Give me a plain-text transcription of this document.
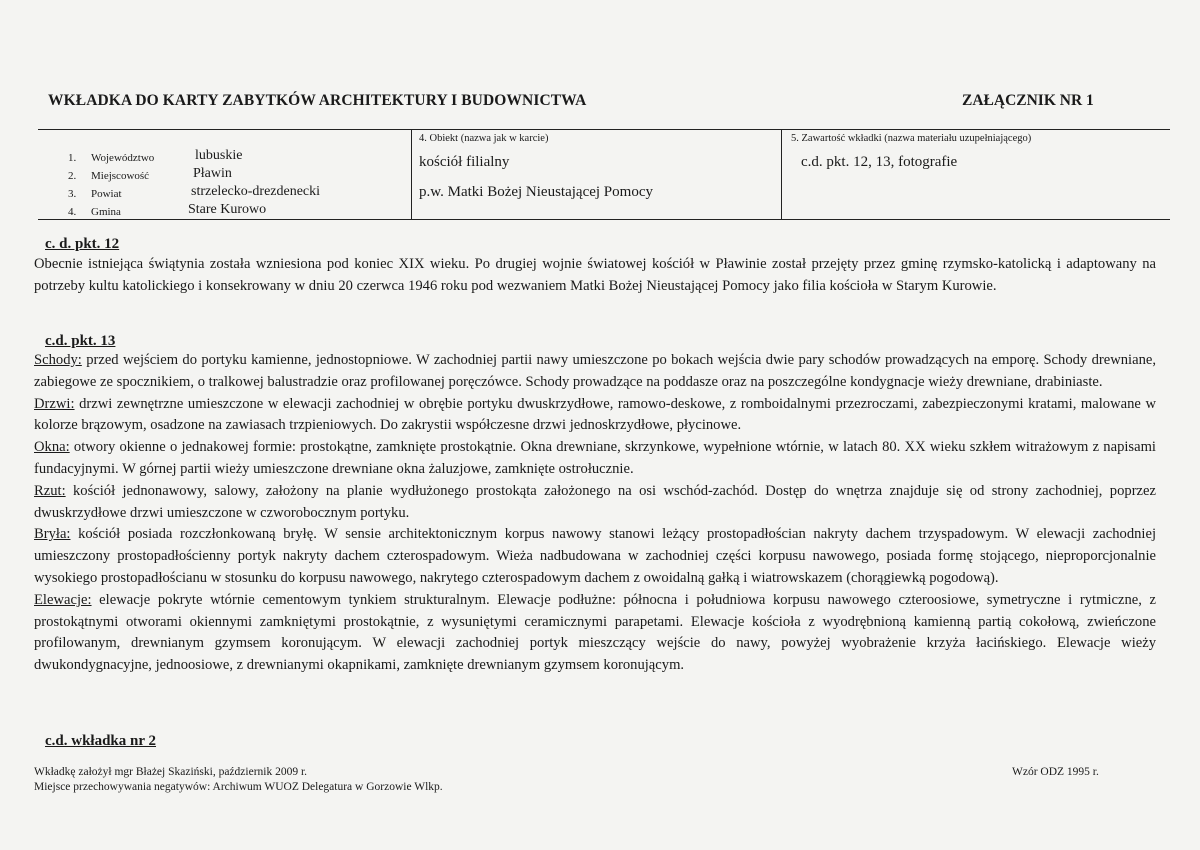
WKŁADKA DO KARTY ZABYTKÓW ARCHITEKTURY I BUDOWNICTWA	ZAŁĄCZNIK NR 1
1. Województwo	lubuskie
2. Miejscowość	Pławin
3. Powiat	strzelecko-drezdenecki
4. Gmina	Stare Kurowo
4. Obiekt (nazwa jak w karcie)
kościół filialny
p.w. Matki Bożej Nieustającej Pomocy
5. Zawartość wkładki (nazwa materiału uzupełniającego)
c.d. pkt. 12, 13, fotografie
c. d. pkt. 12
Obecnie istniejąca świątynia została wzniesiona pod koniec XIX wieku. Po drugiej wojnie światowej kościół w Pławinie został przejęty przez gminę rzymsko-katolicką i adaptowany na potrzeby kultu katolickiego i konsekrowany w dniu 20 czerwca 1946 roku pod wezwaniem Matki Bożej Nieustającej Pomocy jako filia kościoła w Starym Kurowie.
c.d. pkt. 13
Schody: przed wejściem do portyku kamienne, jednostopniowe. W zachodniej partii nawy umieszczone po bokach wejścia dwie pary schodów prowadzących na emporę. Schody drewniane, zabiegowe ze spocznikiem, o tralkowej balustradzie oraz profilowanej poręczówce. Schody prowadzące na poddasze oraz na poszczególne kondygnacje wieży drewniane, drabiniaste.
Drzwi: drzwi zewnętrzne umieszczone w elewacji zachodniej w obrębie portyku dwuskrzydłowe, ramowo-deskowe, z romboidalnymi przezroczami, zabezpieczonymi kratami, malowane w kolorze brązowym, osadzone na zawiasach trzpieniowych. Do zakrystii współczesne drzwi jednoskrzydłowe, płycinowe.
Okna: otwory okienne o jednakowej formie: prostokątne, zamknięte prostokątnie. Okna drewniane, skrzynkowe, wypełnione wtórnie, w latach 80. XX wieku szkłem witrażowym z napisami fundacyjnymi. W górnej partii wieży umieszczone drewniane okna żaluzjowe, zamknięte ostrołucznie.
Rzut: kościół jednonawowy, salowy, założony na planie wydłużonego prostokąta założonego na osi wschód-zachód. Dostęp do wnętrza znajduje się od strony zachodniej, poprzez dwuskrzydłowe drzwi umieszczone w czworobocznym portyku.
Bryła: kościół posiada rozczłonkowaną bryłę. W sensie architektonicznym korpus nawowy stanowi leżący prostopadłościan nakryty dachem trzyspadowym. W elewacji zachodniej umieszczony prostopadłościenny portyk nakryty dachem czterospadowym. Wieża nadbudowana w zachodniej części korpusu nawowego, posiada formę stojącego, nieproporcjonalnie wysokiego prostopadłościanu w stosunku do korpusu nawowego, nakrytego czterospadowym dachem z owoidalną gałką i wiatrowskazem (chorągiewką pogodową).
Elewacje: elewacje pokryte wtórnie cementowym tynkiem strukturalnym. Elewacje podłużne: północna i południowa korpusu nawowego czteroosiowe, symetryczne i rytmiczne, z prostokątnymi otworami okiennymi zamkniętymi prostokątnie, z wysuniętymi ceramicznymi parapetami. Elewacje kościoła z wyodrębnioną kamienną partią cokołową, zwieńczone profilowanym, drewnianym gzymsem koronującym. W elewacji zachodniej portyk mieszczący wejście do nawy, powyżej wyobrażenie krzyża łacińskiego. Elewacje wieży dwukondygnacyjne, jednoosiowe, z drewnianymi okapnikami, zamknięte drewnianym gzymsem koronującym.
c.d. wkładka nr 2
Wkładkę założył mgr Błażej Skaziński, październik 2009 r.
Miejsce przechowywania negatywów: Archiwum WUOZ Delegatura w Gorzowie Wlkp.
Wzór ODZ 1995 r.
